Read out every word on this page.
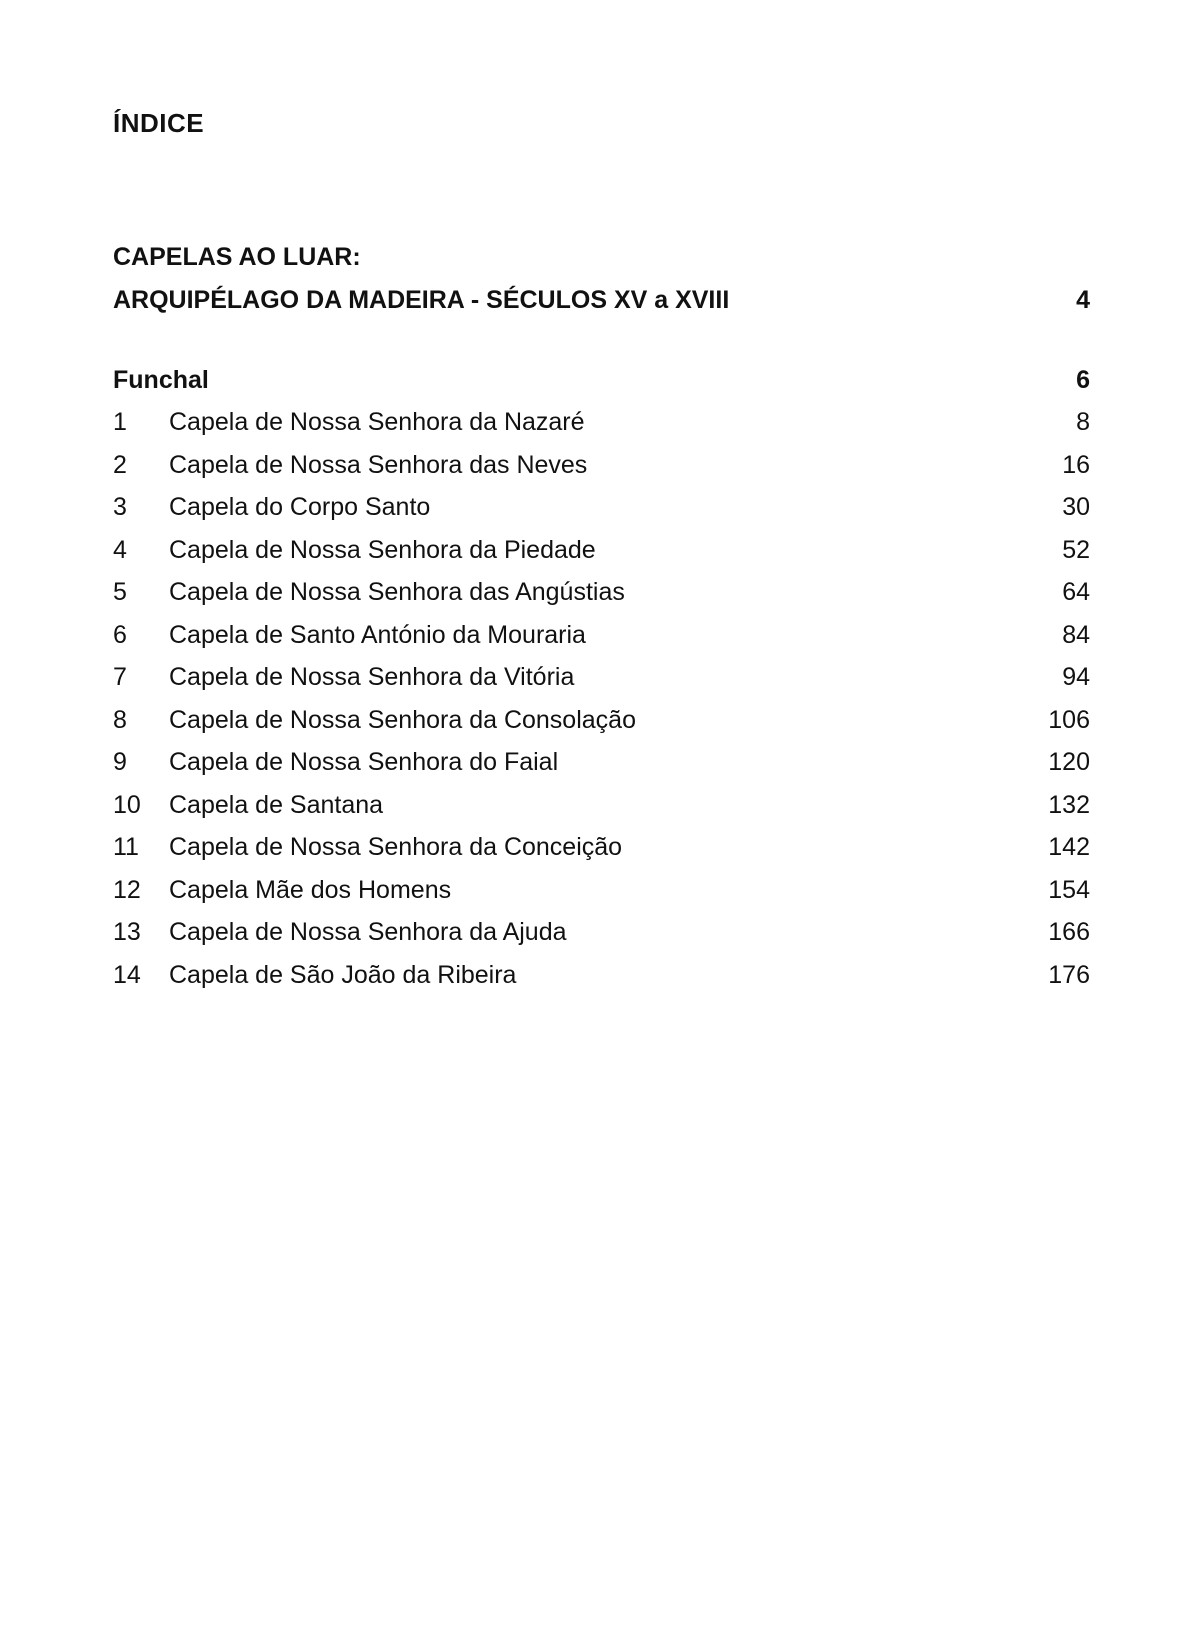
ÍNDICE
CAPELAS AO LUAR:
ARQUIPÉLAGO DA MADEIRA - SÉCULOS XV a XVIII	4
Funchal	6
1	Capela de Nossa Senhora da Nazaré	8
2	Capela de Nossa Senhora das Neves	16
3	Capela do Corpo Santo	30
4	Capela de Nossa Senhora da Piedade	52
5	Capela de Nossa Senhora das Angústias	64
6	Capela de Santo António da Mouraria	84
7	Capela de Nossa Senhora da Vitória	94
8	Capela de Nossa Senhora da Consolação	106
9	Capela de Nossa Senhora do Faial	120
10	Capela de Santana	132
11	Capela de Nossa Senhora da Conceição	142
12	Capela Mãe dos Homens	154
13	Capela de Nossa Senhora da Ajuda	166
14	Capela de São João da Ribeira	176
